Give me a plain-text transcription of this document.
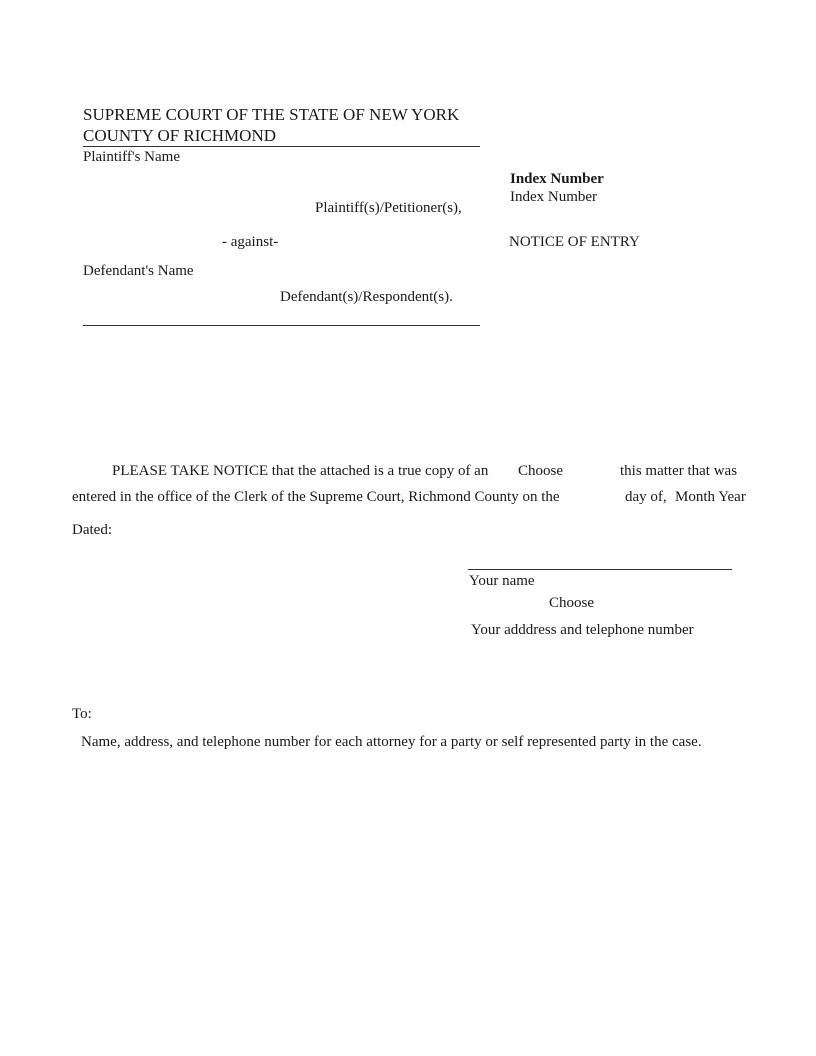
SUPREME COURT OF THE STATE OF NEW YORK
COUNTY OF RICHMOND
Plaintiff's Name
Plaintiff(s)/Petitioner(s),
- against-
Defendant's Name
Defendant(s)/Respondent(s).
Index Number
Index Number
NOTICE OF ENTRY
PLEASE TAKE NOTICE that the attached is a true copy of an Choose	this matter that was
entered in the office of the Clerk of the Supreme Court, Richmond County on the	day of, Month Year
Dated:
Your name
Choose
Your adddress and telephone number
To:
Name, address, and telephone number for each attorney for a party or self represented party in the case.
